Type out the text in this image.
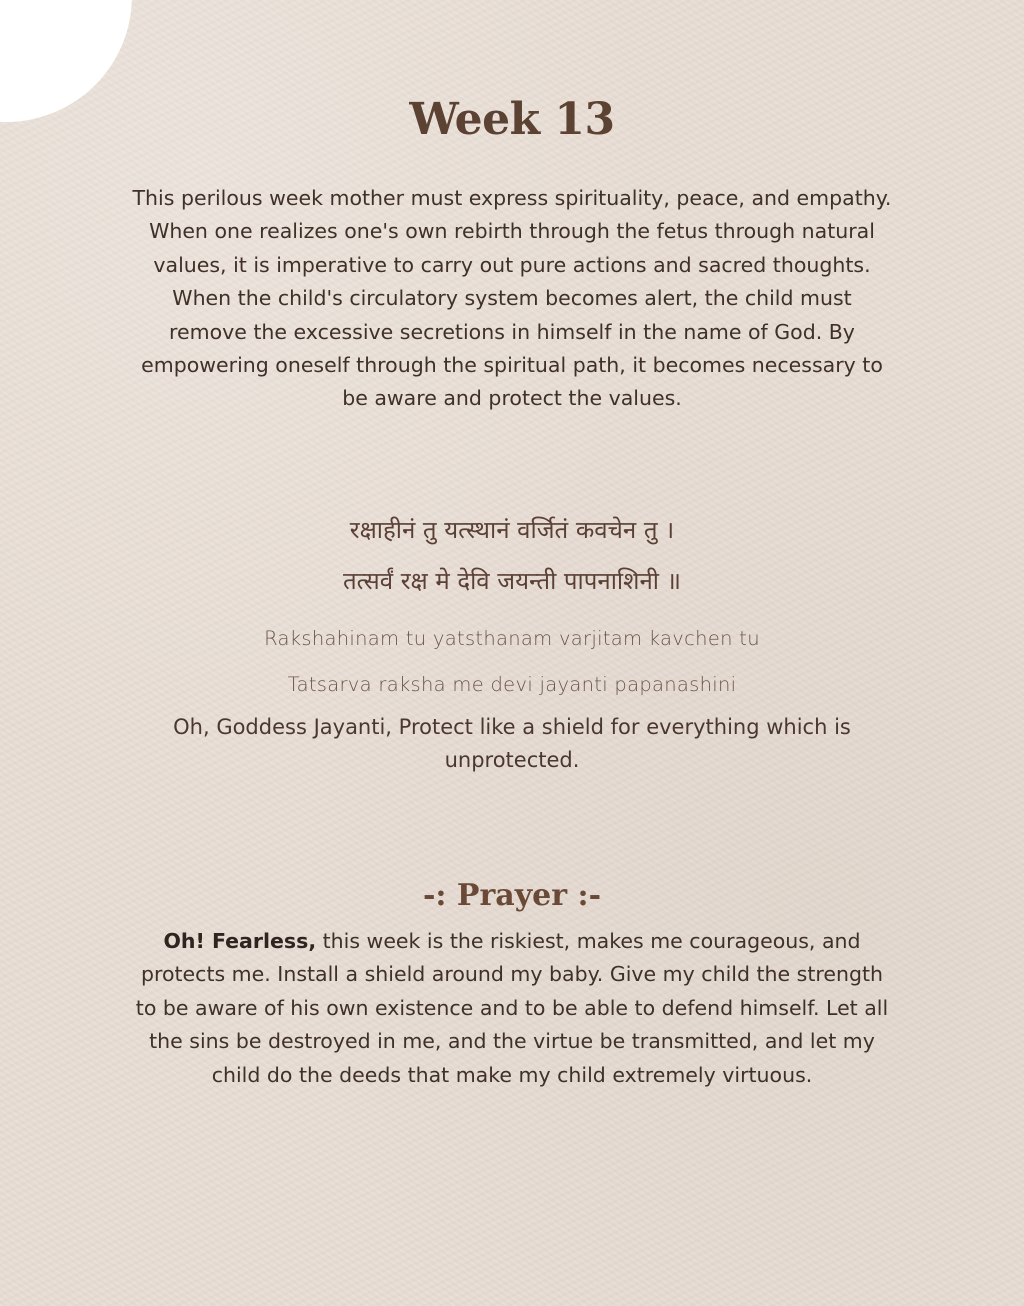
Week 13

This perilous week mother must express spirituality, peace, and empathy. When one realizes one's own rebirth through the fetus through natural values, it is imperative to carry out pure actions and sacred thoughts. When the child's circulatory system becomes alert, the child must remove the excessive secretions in himself in the name of God. By empowering oneself through the spiritual path, it becomes necessary to be aware and protect the values.

रक्षाहीनं तु यत्स्थानं वर्जितं कवचेन तु ।
तत्सर्वं रक्ष मे देवि जयन्ती पापनाशिनी ॥
Rakshahinam tu yatsthanam varjitam kavchen tu
Tatsarva raksha me devi jayanti papanashini

Oh, Goddess Jayanti, Protect like a shield for everything which is unprotected.

-: Prayer :-

Oh! Fearless, this week is the riskiest, makes me courageous, and protects me. Install a shield around my baby. Give my child the strength to be aware of his own existence and to be able to defend himself. Let all the sins be destroyed in me, and the virtue be transmitted, and let my child do the deeds that make my child extremely virtuous.
